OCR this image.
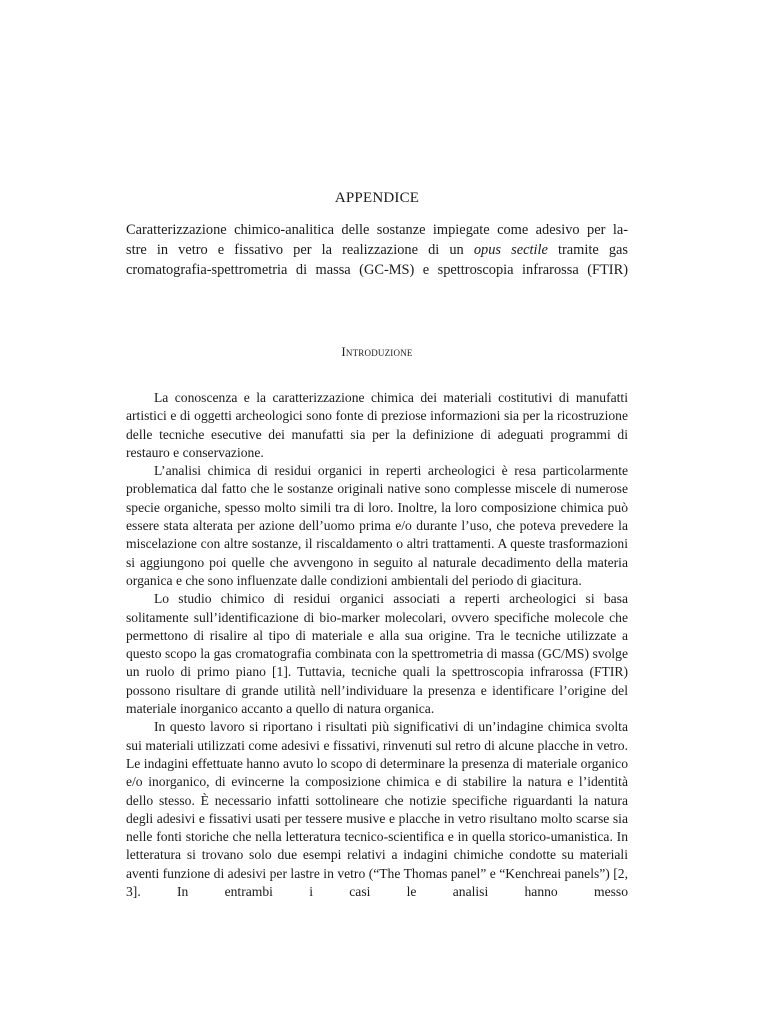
APPENDICE
Caratterizzazione chimico-analitica delle sostanze impiegate come adesivo per la-
stre in vetro e fissativo per la realizzazione di un opus sectile tramite gas
cromatografia-spettrometria di massa (GC-MS) e spettroscopia infrarossa (FTIR)
Introduzione

La conoscenza e la caratterizzazione chimica dei materiali costitutivi di manufatti artistici e di oggetti archeologici sono fonte di preziose informazioni sia per la ricostruzione delle tecniche esecutive dei manufatti sia per la definizione di adeguati programmi di restauro e conservazione.

L’analisi chimica di residui organici in reperti archeologici è resa particolarmente problematica dal fatto che le sostanze originali native sono complesse miscele di numerose specie organiche, spesso molto simili tra di loro. Inoltre, la loro composizione chimica può essere stata alterata per azione dell’uomo prima e/o durante l’uso, che poteva prevedere la miscelazione con altre sostanze, il riscaldamento o altri trattamenti. A queste trasformazioni si aggiungono poi quelle che avvengono in seguito al naturale decadimento della materia organica e che sono influenzate dalle condizioni ambientali del periodo di giacitura.

Lo studio chimico di residui organici associati a reperti archeologici si basa solitamente sull’identificazione di bio-marker molecolari, ovvero specifiche molecole che permettono di risalire al tipo di materiale e alla sua origine. Tra le tecniche utilizzate a questo scopo la gas cromatografia combinata con la spettrometria di massa (GC/MS) svolge un ruolo di primo piano [1]. Tuttavia, tecniche quali la spettroscopia infrarossa (FTIR) possono risultare di grande utilità nell’individuare la presenza e identificare l’origine del materiale inorganico accanto a quello di natura organica.

In questo lavoro si riportano i risultati più significativi di un’indagine chimica svolta sui materiali utilizzati come adesivi e fissativi, rinvenuti sul retro di alcune placche in vetro. Le indagini effettuate hanno avuto lo scopo di determinare la presenza di materiale organico e/o inorganico, di evincerne la composizione chimica e di stabilire la natura e l’identità dello stesso. È necessario infatti sottolineare che notizie specifiche riguardanti la natura degli adesivi e fissativi usati per tessere musive e placche in vetro risultano molto scarse sia nelle fonti storiche che nella letteratura tecnico-scientifica e in quella storico-umanistica. In letteratura si trovano solo due esempi relativi a indagini chimiche condotte su materiali aventi funzione di adesivi per lastre in vetro (“The Thomas panel” e “Kenchreai panels”) [2, 3]. In entrambi i casi le analisi hanno messo
